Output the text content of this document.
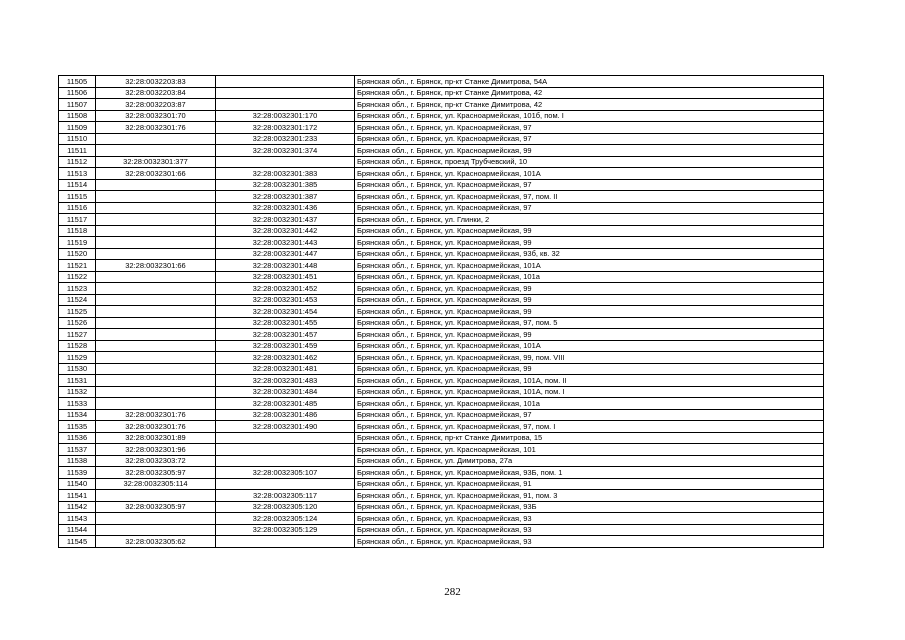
11505	32:28:0032203:83		Брянская обл., г. Брянск, пр-кт Станке Димитрова, 54А
11506	32:28:0032203:84		Брянская обл., г. Брянск, пр-кт Станке Димитрова, 42
11507	32:28:0032203:87		Брянская обл., г. Брянск, пр-кт Станке Димитрова, 42
11508	32:28:0032301:70	32:28:0032301:170	Брянская обл., г. Брянск, ул. Красноармейская, 101б, пом. I
11509	32:28:0032301:76	32:28:0032301:172	Брянская обл., г. Брянск, ул. Красноармейская, 97
11510		32:28:0032301:233	Брянская обл., г. Брянск, ул. Красноармейская, 97
11511		32:28:0032301:374	Брянская обл., г. Брянск, ул. Красноармейская, 99
11512	32:28:0032301:377		Брянская обл., г. Брянск, проезд Трубчевский, 10
11513	32:28:0032301:66	32:28:0032301:383	Брянская обл., г. Брянск, ул. Красноармейская, 101А
11514		32:28:0032301:385	Брянская обл., г. Брянск, ул. Красноармейская, 97
11515		32:28:0032301:387	Брянская обл., г. Брянск, ул. Красноармейская, 97, пом. II
11516		32:28:0032301:436	Брянская обл., г. Брянск, ул. Красноармейская, 97
11517		32:28:0032301:437	Брянская обл., г. Брянск, ул. Глинки, 2
11518		32:28:0032301:442	Брянская обл., г. Брянск, ул. Красноармейская, 99
11519		32:28:0032301:443	Брянская обл., г. Брянск, ул. Красноармейская, 99
11520		32:28:0032301:447	Брянская обл., г. Брянск, ул. Красноармейская, 93б, кв. 32
11521	32:28:0032301:66	32:28:0032301:448	Брянская обл., г. Брянск, ул. Красноармейская, 101А
11522		32:28:0032301:451	Брянская обл., г. Брянск, ул. Красноармейская, 101а
11523		32:28:0032301:452	Брянская обл., г. Брянск, ул. Красноармейская, 99
11524		32:28:0032301:453	Брянская обл., г. Брянск, ул. Красноармейская, 99
11525		32:28:0032301:454	Брянская обл., г. Брянск, ул. Красноармейская, 99
11526		32:28:0032301:455	Брянская обл., г. Брянск, ул. Красноармейская, 97, пом. 5
11527		32:28:0032301:457	Брянская обл., г. Брянск, ул. Красноармейская, 99
11528		32:28:0032301:459	Брянская обл., г. Брянск, ул. Красноармейская, 101А
11529		32:28:0032301:462	Брянская обл., г. Брянск, ул. Красноармейская, 99, пом. VIII
11530		32:28:0032301:481	Брянская обл., г. Брянск, ул. Красноармейская, 99
11531		32:28:0032301:483	Брянская обл., г. Брянск, ул. Красноармейская, 101А, пом. II
11532		32:28:0032301:484	Брянская обл., г. Брянск, ул. Красноармейская, 101А, пом. I
11533		32:28:0032301:485	Брянская обл., г. Брянск, ул. Красноармейская, 101а
11534	32:28:0032301:76	32:28:0032301:486	Брянская обл., г. Брянск, ул. Красноармейская, 97
11535	32:28:0032301:76	32:28:0032301:490	Брянская обл., г. Брянск, ул. Красноармейская, 97, пом. I
11536	32:28:0032301:89		Брянская обл., г. Брянск, пр-кт Станке Димитрова, 15
11537	32:28:0032301:96		Брянская обл., г. Брянск, ул. Красноармейская, 101
11538	32:28:0032303:72		Брянская обл., г. Брянск, ул. Димитрова, 27а
11539	32:28:0032305:97	32:28:0032305:107	Брянская обл., г. Брянск, ул. Красноармейская, 93Б, пом. 1
11540	32:28:0032305:114		Брянская обл., г. Брянск, ул. Красноармейская, 91
11541		32:28:0032305:117	Брянская обл., г. Брянск, ул. Красноармейская, 91, пом. 3
11542	32:28:0032305:97	32:28:0032305:120	Брянская обл., г. Брянск, ул. Красноармейская, 93Б
11543		32:28:0032305:124	Брянская обл., г. Брянск, ул. Красноармейская, 93
11544		32:28:0032305:129	Брянская обл., г. Брянск, ул. Красноармейская, 93
11545	32:28:0032305:62		Брянская обл., г. Брянск, ул. Красноармейская, 93
282
